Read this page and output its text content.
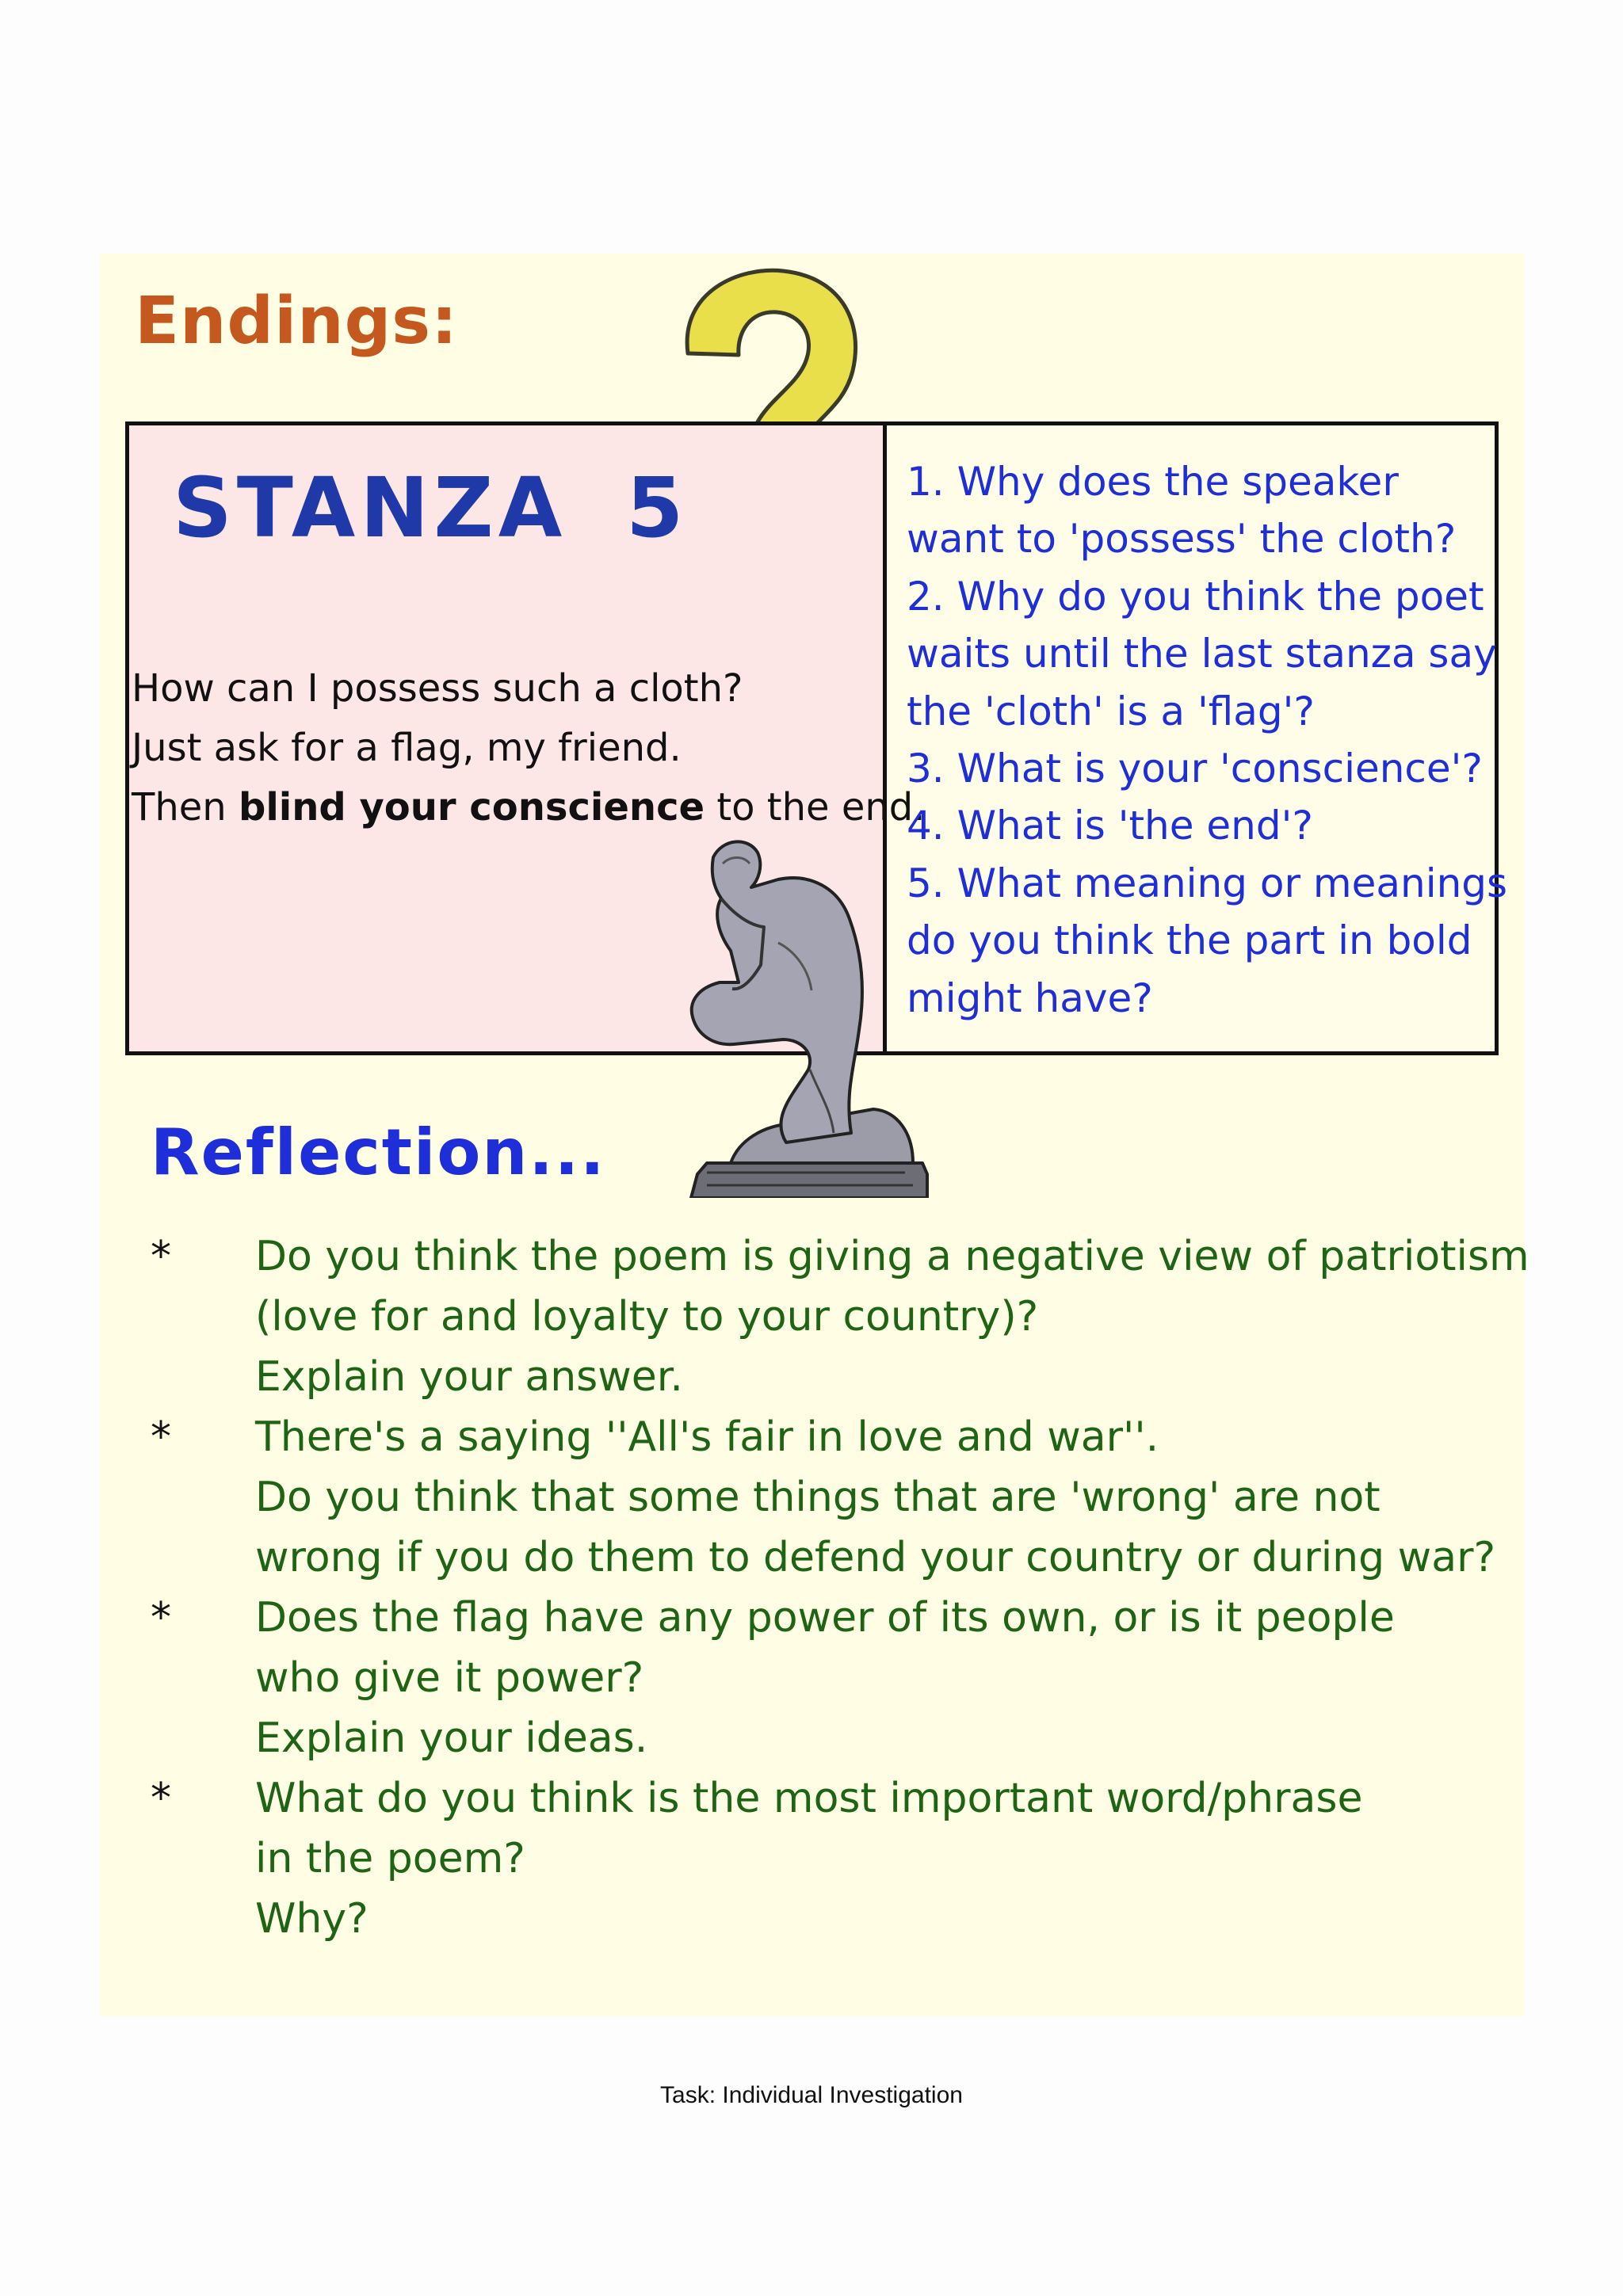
Endings:
STANZA 5
How can I possess such a cloth?
Just ask for a flag, my friend.
Then blind your conscience to the end.
1. Why does the speaker
want to 'possess' the cloth?
2. Why do you think the poet
waits until the last stanza say
the 'cloth' is a 'flag'?
3. What is your 'conscience'?
4. What is 'the end'?
5. What meaning or meanings
do you think the part in bold
might have?
Reflection...
*	Do you think the poem is giving a negative view of patriotism
(love for and loyalty to your country)?
Explain your answer.
*	There's a saying ''All's fair in love and war''.
Do you think that some things that are 'wrong' are not
wrong if you do them to defend your country or during war?
*	Does the flag have any power of its own, or is it people
who give it power?
Explain your ideas.
*	What do you think is the most important word/phrase
in the poem?
Why?
Task: Individual Investigation
